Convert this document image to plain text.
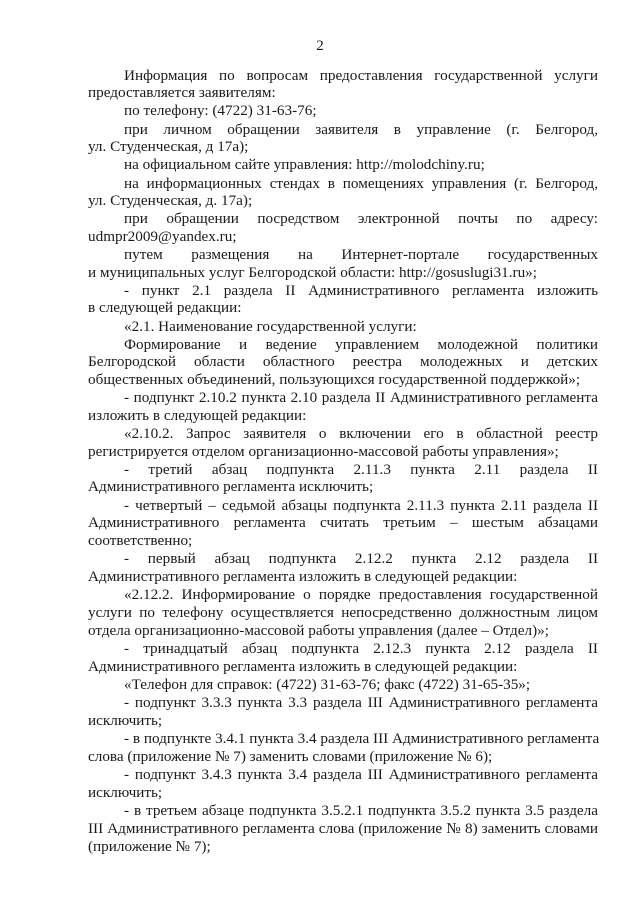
2
Информация по вопросам предоставления государственной услуги
предоставляется заявителям:
по телефону: (4722) 31-63-76;
при личном обращении заявителя в управление (г. Белгород,
ул. Студенческая, д 17а);
на официальном сайте управления: http://molodchiny.ru;
на информационных стендах в помещениях управления (г. Белгород,
ул. Студенческая, д. 17а);
при обращении посредством электронной почты по адресу:
udmpr2009@yandex.ru;
путем размещения на Интернет-портале государственных
и муниципальных услуг Белгородской области: http://gosuslugi31.ru»;
- пункт 2.1 раздела II Административного регламента изложить
в следующей редакции:
«2.1. Наименование государственной услуги:
Формирование и ведение управлением молодежной политики
Белгородской области областного реестра молодежных и детских
общественных объединений, пользующихся государственной поддержкой»;
- подпункт 2.10.2 пункта 2.10 раздела II Административного регламента
изложить в следующей редакции:
«2.10.2. Запрос заявителя о включении его в областной реестр
регистрируется отделом организационно-массовой работы управления»;
- третий абзац подпункта 2.11.3 пункта 2.11 раздела II
Административного регламента исключить;
- четвертый – седьмой абзацы подпункта 2.11.3 пункта 2.11 раздела II
Административного регламента считать третьим – шестым абзацами
соответственно;
- первый абзац подпункта 2.12.2 пункта 2.12 раздела II
Административного регламента изложить в следующей редакции:
«2.12.2. Информирование о порядке предоставления государственной
услуги по телефону осуществляется непосредственно должностным лицом
отдела организационно-массовой работы управления (далее – Отдел)»;
- тринадцатый абзац подпункта 2.12.3 пункта 2.12 раздела II
Административного регламента изложить в следующей редакции:
«Телефон для справок: (4722) 31-63-76; факс (4722) 31-65-35»;
- подпункт 3.3.3 пункта 3.3 раздела III Административного регламента
исключить;
- в подпункте 3.4.1 пункта 3.4 раздела III Административного регламента
слова (приложение № 7) заменить словами (приложение № 6);
- подпункт 3.4.3 пункта 3.4 раздела III Административного регламента
исключить;
- в третьем абзаце подпункта 3.5.2.1 подпункта 3.5.2 пункта 3.5 раздела
III Административного регламента слова (приложение № 8) заменить словами
(приложение № 7);
